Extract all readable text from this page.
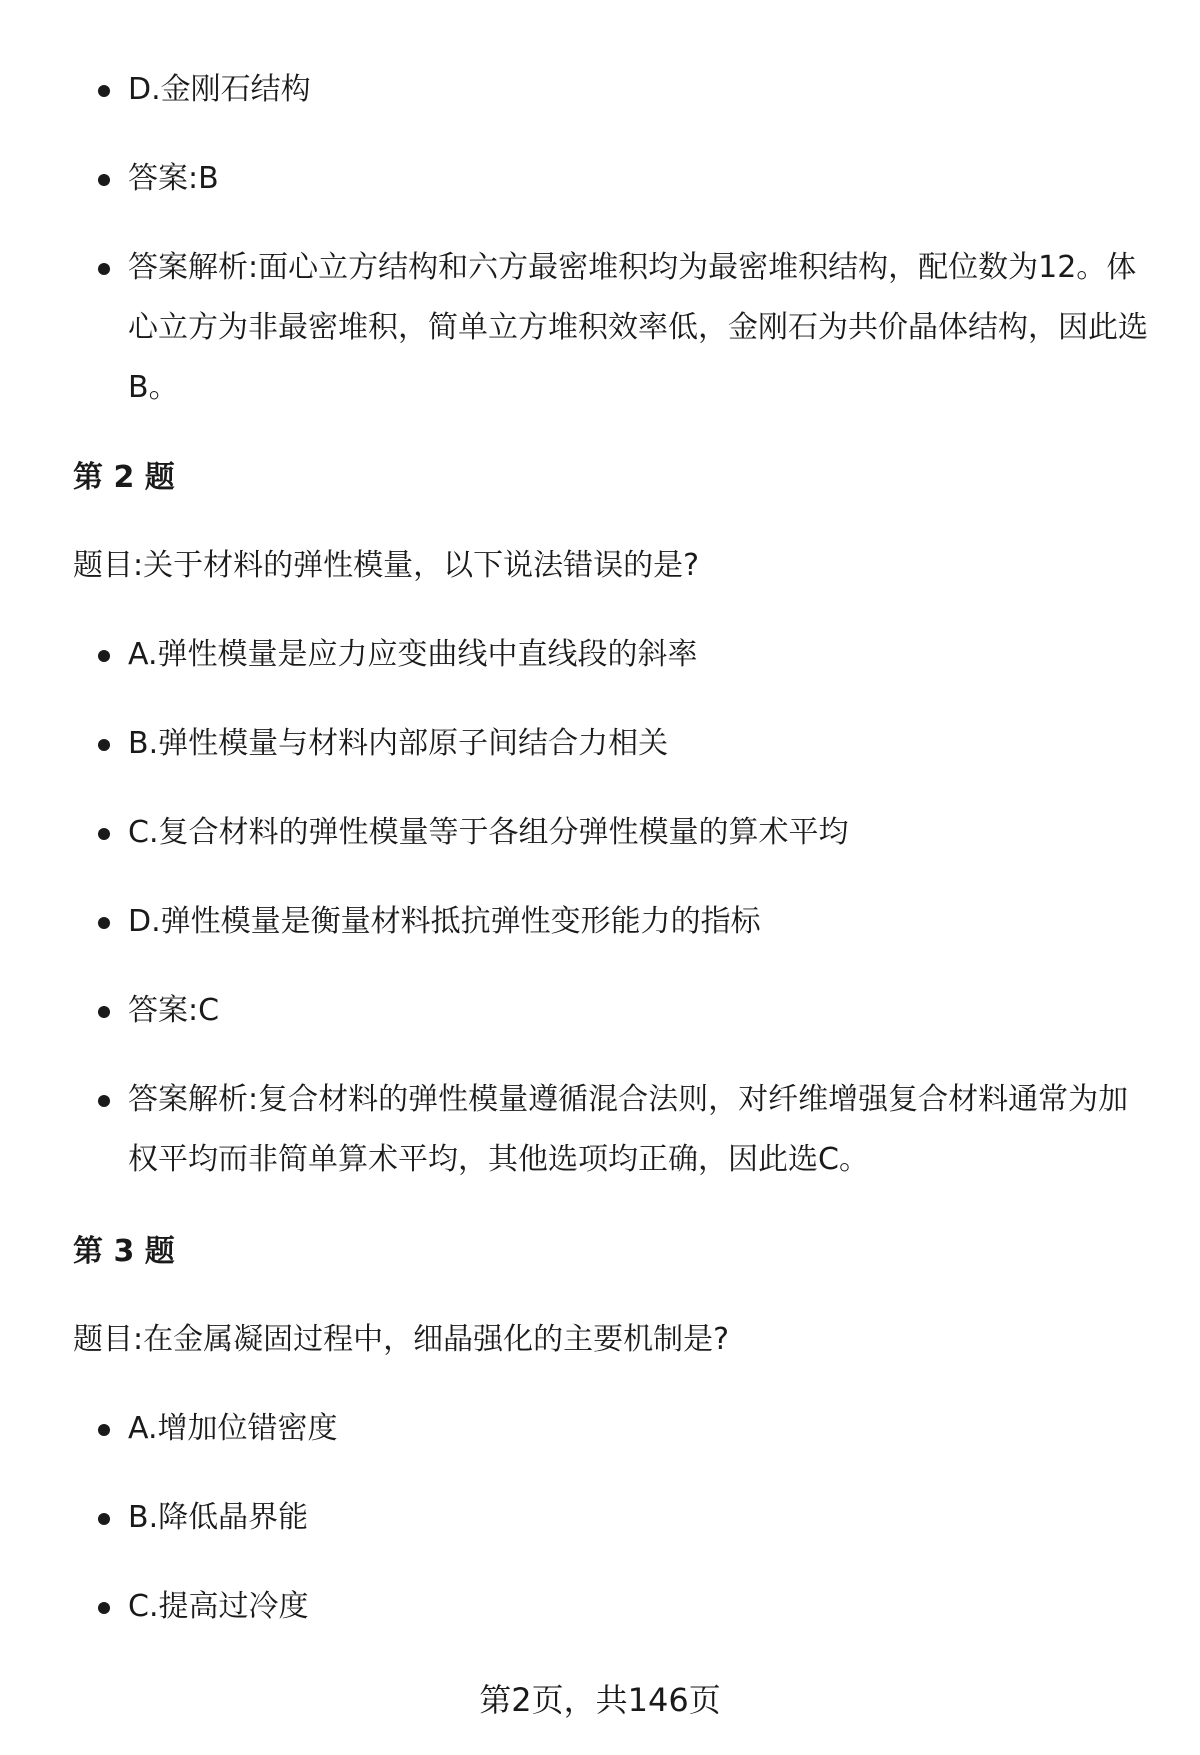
D.金刚石结构
答案:B
答案解析:面心立方结构和六方最密堆积均为最密堆积结构，配位数为12。体心立方为非最密堆积，简单立方堆积效率低，金刚石为共价晶体结构，因此选B。
第 2 题

题目:关于材料的弹性模量，以下说法错误的是?

A.弹性模量是应力应变曲线中直线段的斜率
B.弹性模量与材料内部原子间结合力相关
C.复合材料的弹性模量等于各组分弹性模量的算术平均
D.弹性模量是衡量材料抵抗弹性变形能力的指标
答案:C
答案解析:复合材料的弹性模量遵循混合法则，对纤维增强复合材料通常为加权平均而非简单算术平均，其他选项均正确，因此选C。
第 3 题

题目:在金属凝固过程中，细晶强化的主要机制是?

A.增加位错密度
B.降低晶界能
C.提高过冷度
第2页，共146页
